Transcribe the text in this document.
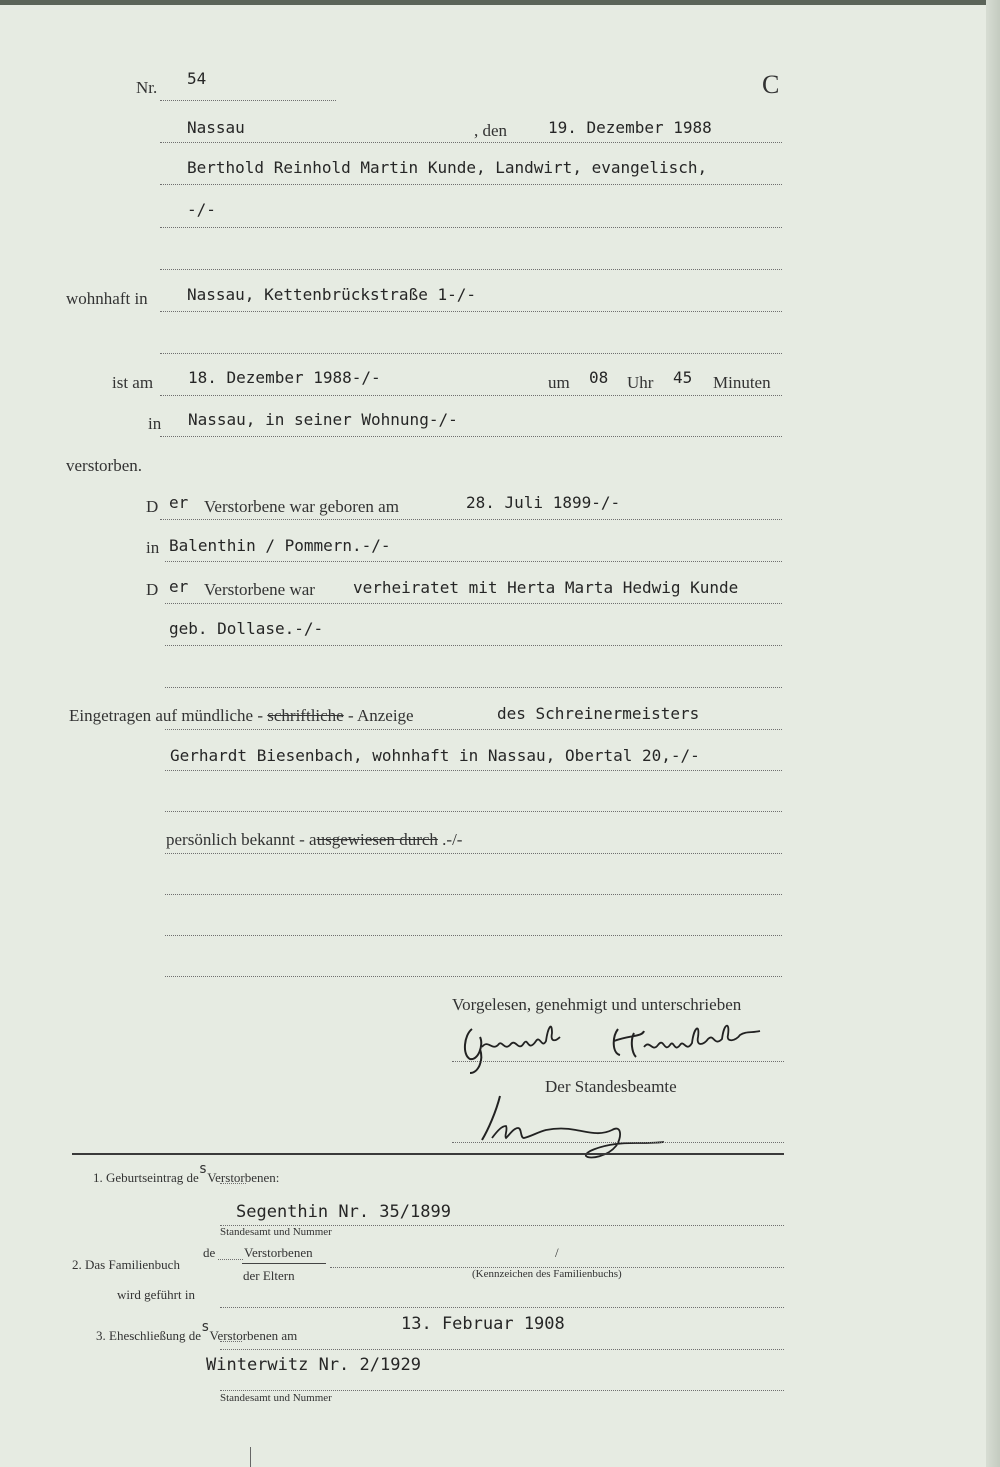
Nr. 54	C
Nassau	, den	19. Dezember 1988
Berthold Reinhold Martin Kunde, Landwirt, evangelisch,
-/-
wohnhaft in Nassau, Kettenbrückstraße 1-/-
ist am 18. Dezember 1988-/-	um 08 Uhr 45 Minuten
in Nassau, in seiner Wohnung-/-
verstorben.
D er Verstorbene war geboren am	28. Juli 1899-/-
in Balenthin / Pommern.-/-
D er Verstorbene war verheiratet mit Herta Marta Hedwig Kunde
geb. Dollase.-/-
Eingetragen auf mündliche - schriftliche - Anzeige	des Schreinermeisters
Gerhardt Biesenbach, wohnhaft in Nassau, Obertal 20,-/-
persönlich bekannt - ausgewiesen durch .-/-
Vorgelesen, genehmigt und unterschrieben
Der Standesbeamte
1. Geburtseintrag desVerstorbenen:
Segenthin Nr. 35/1899
Standesamt und Nummer
de Verstorbenen
2. Das Familienbuch
der Eltern
/
(Kennzeichen des Familienbuchs)
wird geführt in
3. Eheschließung desVerstorbenen am
13. Februar 1908
Winterwitz Nr. 2/1929
Standesamt und Nummer
